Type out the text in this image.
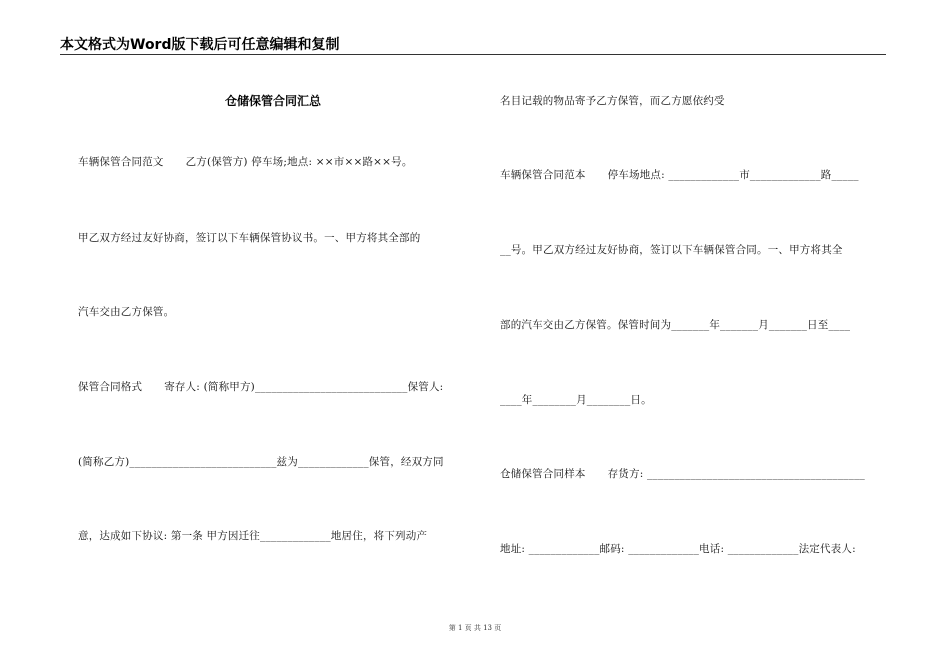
本文格式为Word版下载后可任意编辑和复制
仓储保管合同汇总
车辆保管合同范文 乙方(保管方) 停车场;地点: ××市××路××号。
甲乙双方经过友好协商，签订以下车辆保管协议书。一、甲方将其全部的
汽车交由乙方保管。
保管合同格式 寄存人: (简称甲方)____________________________保管人:
(简称乙方)___________________________兹为_____________保管，经双方同
意，达成如下协议: 第一条 甲方因迁往_____________地居住，将下列动产
名目记载的物品寄予乙方保管，而乙方愿依约受
车辆保管合同范本 停车场地点: _____________市_____________路_____
__号。甲乙双方经过友好协商，签订以下车辆保管合同。一、甲方将其全
部的汽车交由乙方保管。保管时间为_______年_______月_______日至____
____年________月________日。
仓储保管合同样本 存货方: ________________________________________
地址: _____________邮码: _____________电话: _____________法定代表人:
第 1 页 共 13 页
